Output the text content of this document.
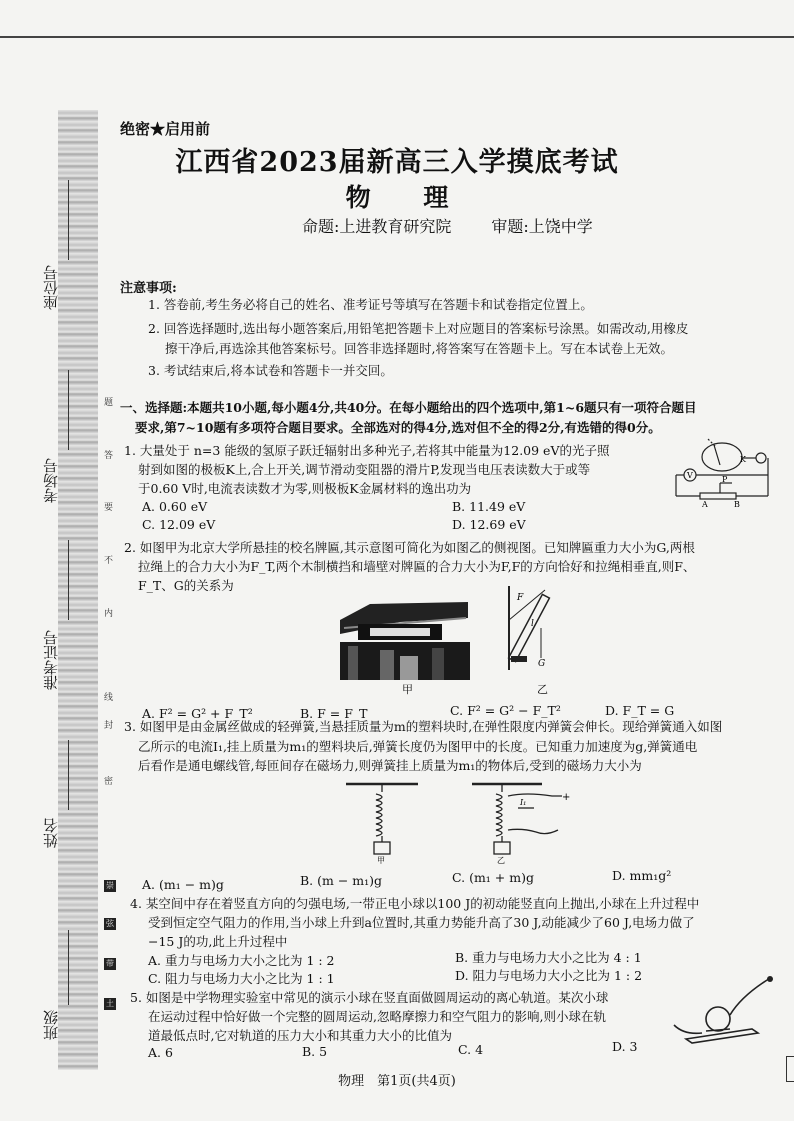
座位号
考场号
准考证号
姓名
班级
题
答
要
不
内
线
封
密
崇
弦
带
土
绝密★启用前
江西省2023届新高三入学摸底考试
物 理
命题:上进教育研究院	审题:上饶中学
注意事项:
1. 答卷前,考生务必将自己的姓名、准考证号等填写在答题卡和试卷指定位置上。
2. 回答选择题时,选出每小题答案后,用铅笔把答题卡上对应题目的答案标号涂黑。如需改动,用橡皮
擦干净后,再选涂其他答案标号。回答非选择题时,将答案写在答题卡上。写在本试卷上无效。
3. 考试结束后,将本试卷和答题卡一并交回。
一、选择题:本题共10小题,每小题4分,共40分。在每小题给出的四个选项中,第1~6题只有一项符合题目
要求,第7~10题有多项符合题目要求。全部选对的得4分,选对但不全的得2分,有选错的得0分。
1. 大量处于 n=3 能级的氢原子跃迁辐射出多种光子,若将其中能量为12.09 eV的光子照
射到如图的极板K上,合上开关,调节滑动变阻器的滑片P,发现当电压表读数大于或等
于0.60 V时,电流表读数才为零,则极板K金属材料的逸出功为
A. 0.60 eV	B. 11.49 eV
C. 12.09 eV	D. 12.69 eV
K
V	P
A	B
2. 如图甲为北京大学所悬挂的校名牌匾,其示意图可简化为如图乙的侧视图。已知牌匾重力大小为G,两根
拉绳上的合力大小为F_T,两个木制横挡和墙壁对牌匾的合力大小为F,F的方向恰好和拉绳相垂直,则F、
F_T、G的关系为
甲
F
l
G
乙
A. F² = G² + F_T²	B. F = F_T	C. F² = G² − F_T²	D. F_T = G
3. 如图甲是由金属丝做成的轻弹簧,当悬挂质量为m的塑料块时,在弹性限度内弹簧会伸长。现给弹簧通入如图
乙所示的电流I₁,挂上质量为m₁的塑料块后,弹簧长度仍为图甲中的长度。已知重力加速度为g,弹簧通电
后看作是通电螺线管,每匝间存在磁场力,则弹簧挂上质量为m₁的物体后,受到的磁场力大小为
+
I₁
甲	乙
A. (m₁ − m)g	B. (m − m₁)g	C. (m₁ + m)g	D. mm₁g²
4. 某空间中存在着竖直方向的匀强电场,一带正电小球以100 J的初动能竖直向上抛出,小球在上升过程中
受到恒定空气阻力的作用,当小球上升到a位置时,其重力势能升高了30 J,动能减少了60 J,电场力做了
−15 J的功,此上升过程中
A. 重力与电场力大小之比为 1 : 2	B. 重力与电场力大小之比为 4 : 1
C. 阻力与电场力大小之比为 1 : 1	D. 阻力与电场力大小之比为 1 : 2
5. 如图是中学物理实验室中常见的演示小球在竖直面做圆周运动的离心轨道。某次小球
在运动过程中恰好做一个完整的圆周运动,忽略摩擦力和空气阻力的影响,则小球在轨
道最低点时,它对轨道的压力大小和其重力大小的比值为
A. 6	B. 5	C. 4	D. 3
物理　第1页(共4页)
